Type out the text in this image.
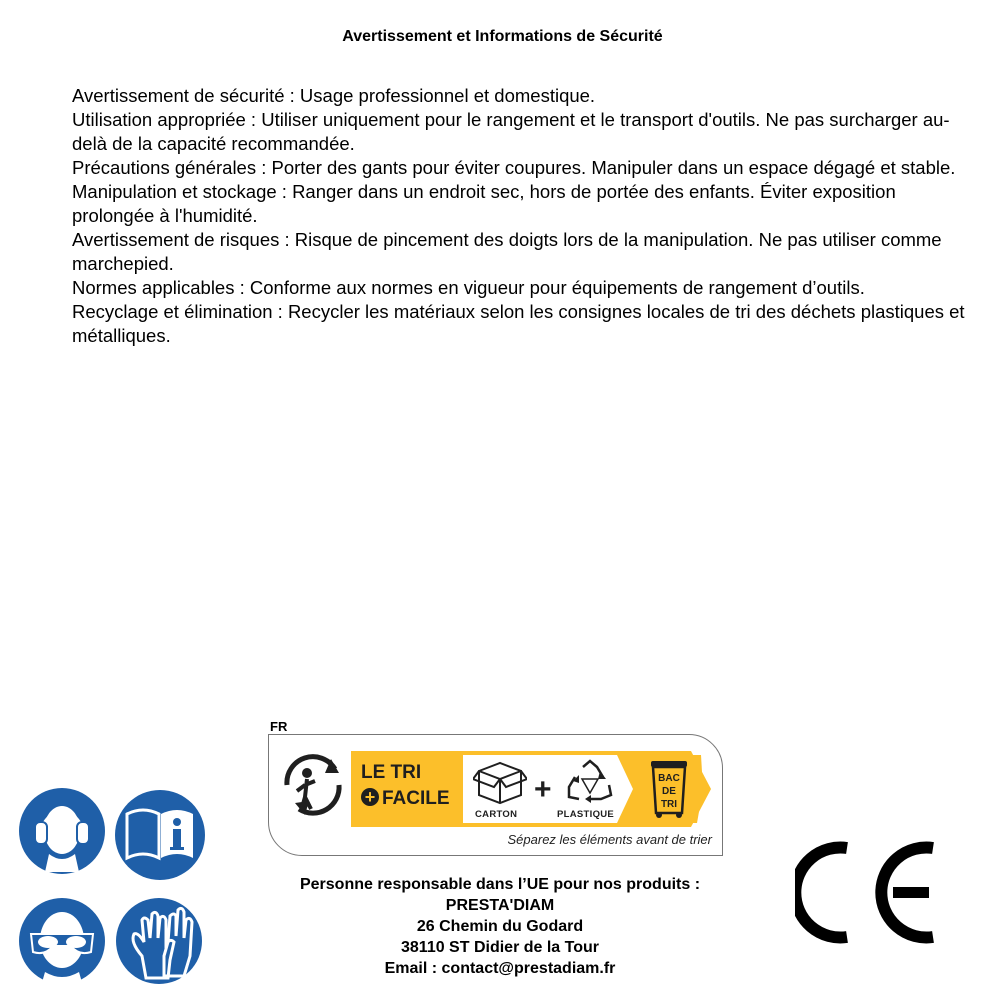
Avertissement et Informations de Sécurité

Avertissement de sécurité : Usage professionnel et domestique.

Utilisation appropriée : Utiliser uniquement pour le rangement et le transport d'outils. Ne pas surcharger au-delà de la capacité recommandée.

Précautions générales : Porter des gants pour éviter coupures. Manipuler dans un espace dégagé et stable.

Manipulation et stockage : Ranger dans un endroit sec, hors de portée des enfants. Éviter exposition prolongée à l'humidité.

Avertissement de risques : Risque de pincement des doigts lors de la manipulation. Ne pas utiliser comme marchepied.

Normes applicables : Conforme aux normes en vigueur pour équipements de rangement d’outils.

Recyclage et élimination : Recycler les matériaux selon les consignes locales de tri des déchets plastiques et métalliques.

FR
LE TRI
+ FACILE
CARTON
+
PLASTIQUE
BAC
DE
TRI
Séparez les éléments avant de trier
Personne responsable dans l’UE pour nos produits :
PRESTA'DIAM
26 Chemin du Godard
38110 ST Didier de la Tour
Email : contact@prestadiam.fr
